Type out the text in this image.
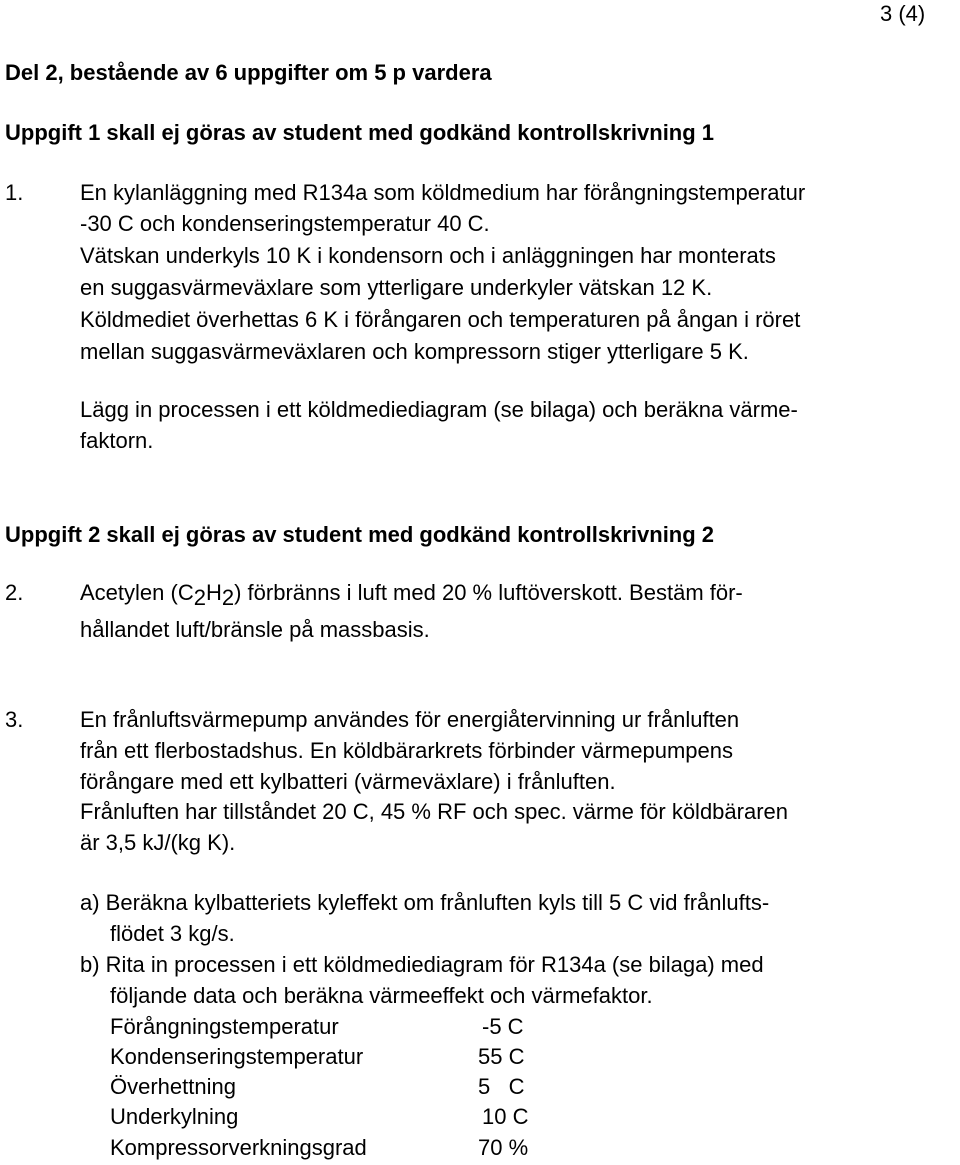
3 (4)
Del 2, bestående av 6 uppgifter om 5 p vardera
Uppgift 1 skall ej göras av student med godkänd kontrollskrivning 1
1.	En kylanläggning med R134a som köldmedium har förångningstemperatur
-30 C och kondenseringstemperatur 40 C.
Vätskan underkyls 10 K i kondensorn och i anläggningen har monterats
en suggasvärmeväxlare som ytterligare underkyler vätskan 12 K.
Köldmediet överhettas 6 K i förångaren och temperaturen på ångan i röret
mellan suggasvärmeväxlaren och kompressorn stiger ytterligare 5 K.
Lägg in processen i ett köldmediediagram (se bilaga) och beräkna värme-
faktorn.
Uppgift 2 skall ej göras av student med godkänd kontrollskrivning 2
2.	Acetylen (C2H2) förbränns i luft med 20 % luftöverskott. Bestäm för-
hållandet luft/bränsle på massbasis.
3.	En frånluftsvärmepump användes för energiåtervinning ur frånluften
från ett flerbostadshus. En köldbärarkrets förbinder värmepumpens
förångare med ett kylbatteri (värmeväxlare) i frånluften.
Frånluften har tillståndet 20 C, 45 % RF och spec. värme för köldbäraren
är 3,5 kJ/(kg K).
a) Beräkna kylbatteriets kyleffekt om frånluften kyls till 5 C vid frånlufts-
flödet 3 kg/s.
b) Rita in processen i ett köldmediediagram för R134a (se bilaga) med
följande data och beräkna värmeeffekt och värmefaktor.
Förångningstemperatur	-5 C
Kondenseringstemperatur	55 C
Överhettning	5   C
Underkylning	10 C
Kompressorverkningsgrad	70 %
